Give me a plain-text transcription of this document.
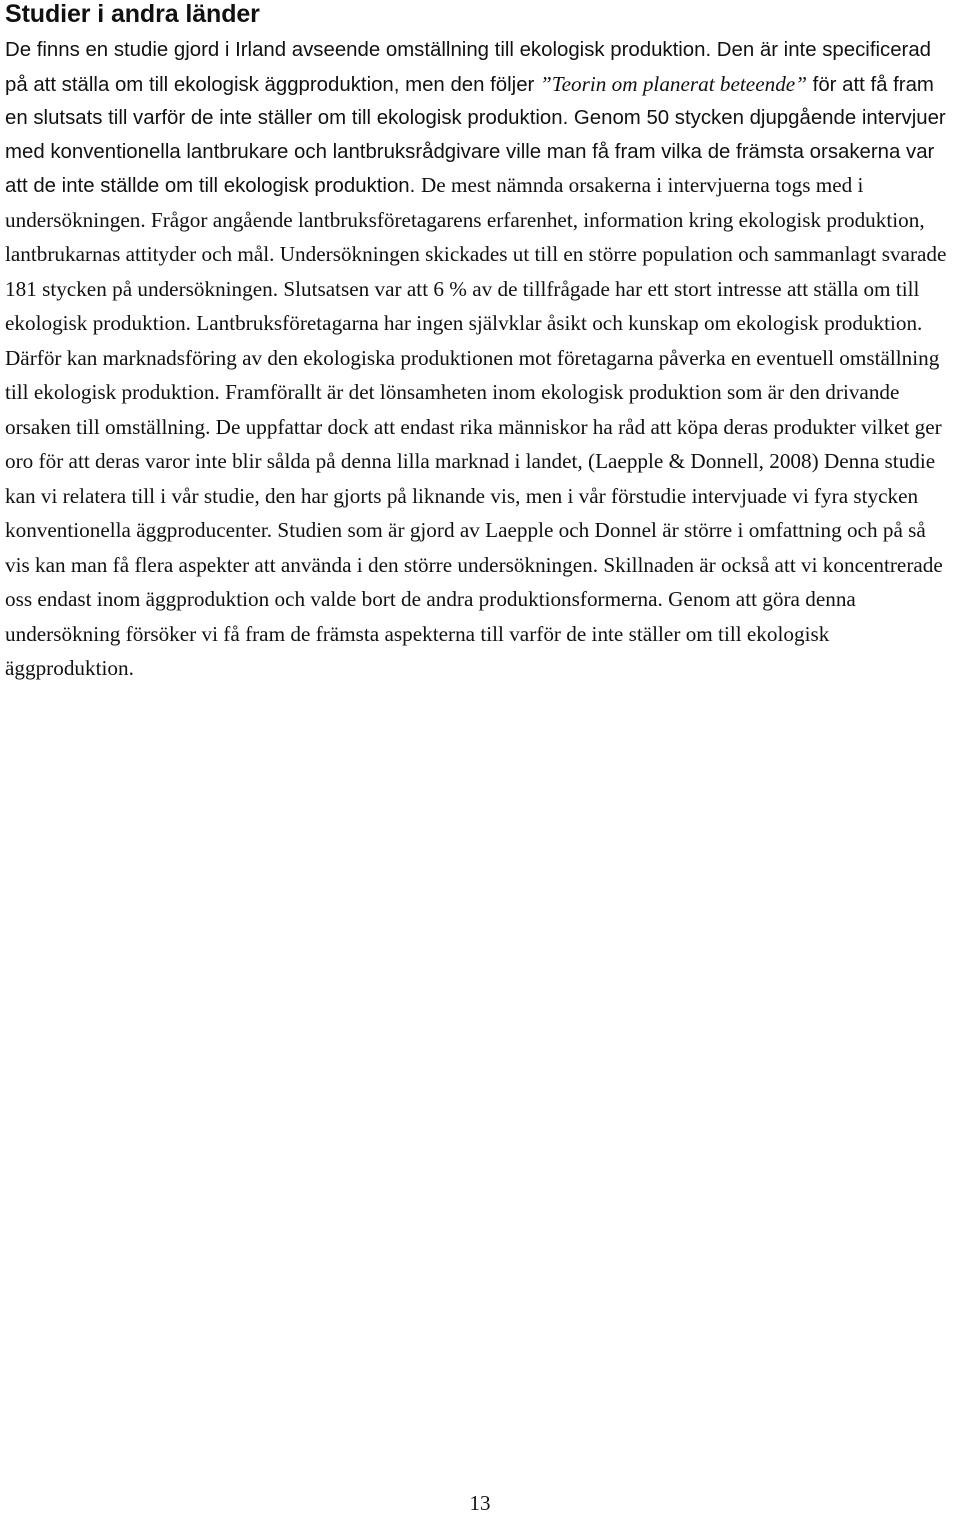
Studier i andra länder

De finns en studie gjord i Irland avseende omställning till ekologisk produktion. Den är inte specificerad på att ställa om till ekologisk äggproduktion, men den följer ”Teorin om planerat beteende” för att få fram en slutsats till varför de inte ställer om till ekologisk produktion. Genom 50 stycken djupgående intervjuer med konventionella lantbrukare och lantbruksrådgivare ville man få fram vilka de främsta orsakerna var att de inte ställde om till ekologisk produktion. De mest nämnda orsakerna i intervjuerna togs med i undersökningen. Frågor angående lantbruksföretagarens erfarenhet, information kring ekologisk produktion, lantbrukarnas attityder och mål. Undersökningen skickades ut till en större population och sammanlagt svarade 181 stycken på undersökningen. Slutsatsen var att 6 % av de tillfrågade har ett stort intresse att ställa om till ekologisk produktion. Lantbruksföretagarna har ingen självklar åsikt och kunskap om ekologisk produktion. Därför kan marknadsföring av den ekologiska produktionen mot företagarna påverka en eventuell omställning till ekologisk produktion. Framförallt är det lönsamheten inom ekologisk produktion som är den drivande orsaken till omställning. De uppfattar dock att endast rika människor ha råd att köpa deras produkter vilket ger oro för att deras varor inte blir sålda på denna lilla marknad i landet, (Laepple & Donnell, 2008) Denna studie kan vi relatera till i vår studie, den har gjorts på liknande vis, men i vår förstudie intervjuade vi fyra stycken konventionella äggproducenter. Studien som är gjord av Laepple och Donnel är större i omfattning och på så vis kan man få flera aspekter att använda i den större undersökningen. Skillnaden är också att vi koncentrerade oss endast inom äggproduktion och valde bort de andra produktionsformerna. Genom att göra denna undersökning försöker vi få fram de främsta aspekterna till varför de inte ställer om till ekologisk äggproduktion.

13
